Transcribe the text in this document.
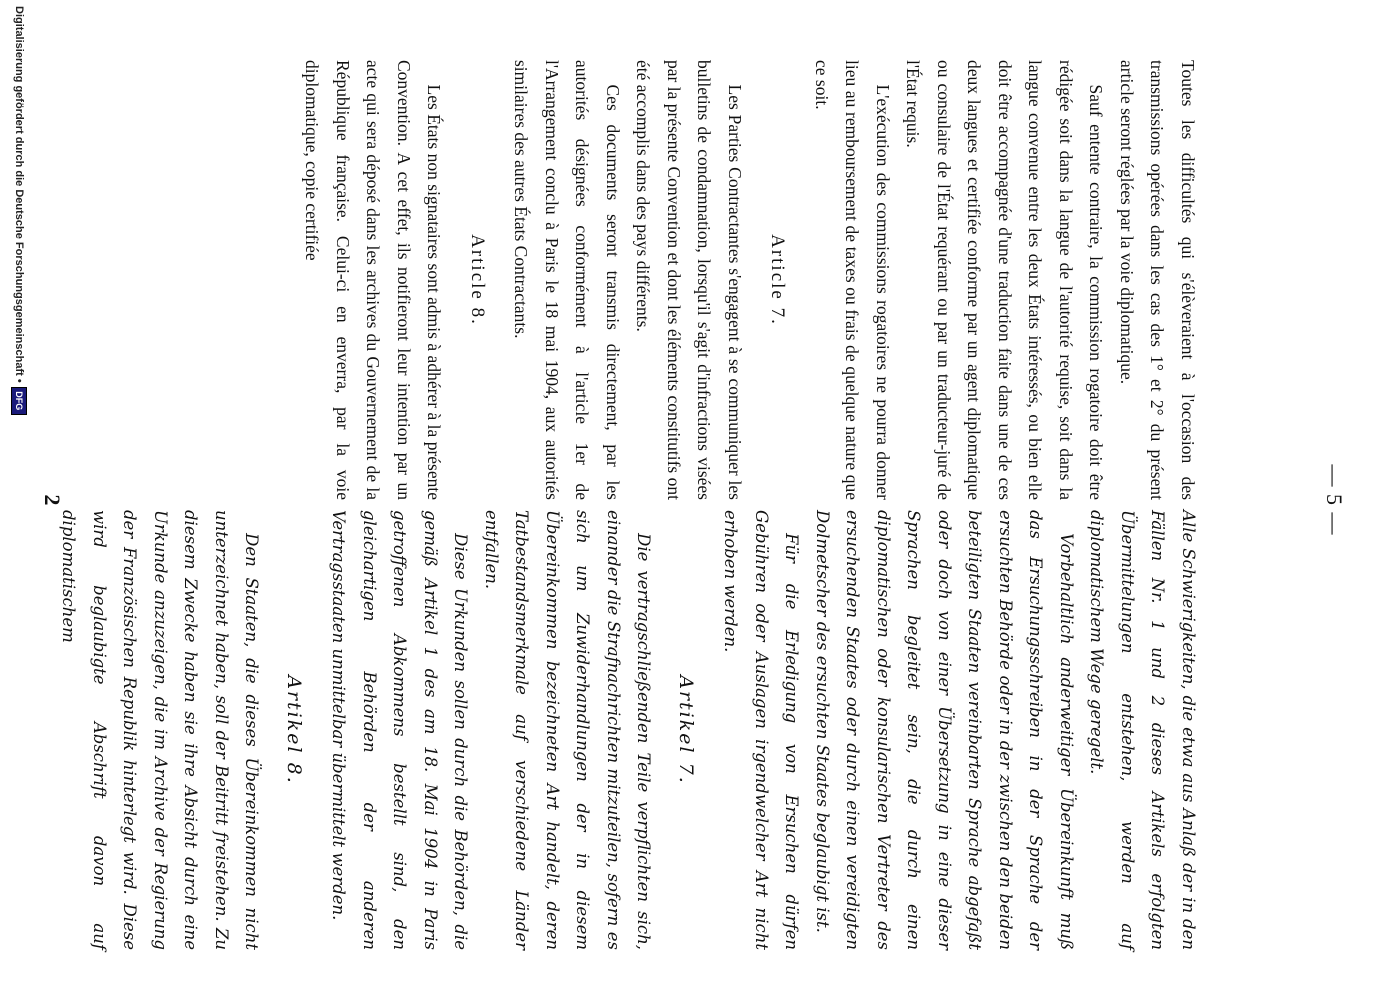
— 5 —

Toutes les difficultés qui s'élèveraient à l'occasion des transmissions opérées dans les cas des 1° et 2° du présent article seront réglées par la voie diplomatique.

Sauf entente contraire, la commission rogatoire doit être rédigée soit dans la langue de l'autorité requise, soit dans la langue convenue entre les deux États intéressés, ou bien elle doit être accompagnée d'une traduction faite dans une de ces deux langues et certifiée conforme par un agent diplomatique ou consulaire de l'État requérant ou par un traducteur-juré de l'État requis.

L'exécution des commissions rogatoires ne pourra donner lieu au remboursement de taxes ou frais de quelque nature que ce soit.

Article 7.

Les Parties Contractantes s'engagent à se communiquer les bulletins de condamnation, lorsqu'il s'agit d'infractions visées par la présente Convention et dont les éléments constitutifs ont été accomplis dans des pays différents.

Ces documents seront transmis directement, par les autorités désignées conformément à l'article 1er de l'Arrangement conclu à Paris le 18 mai 1904, aux autorités similaires des autres États Contractants.

Article 8.

Les États non signataires sont admis à adhérer à la présente Convention. A cet effet, ils notifieront leur intention par un acte qui sera déposé dans les archives du Gouvernement de la République française. Celui-ci en enverra, par la voie diplomatique, copie certifiée

Alle Schwierigkeiten, die etwa aus Anlaß der in den Fällen Nr. 1 und 2 dieses Artikels erfolgten Übermittelungen entstehen, werden auf diplomatischem Wege geregelt.

Vorbehaltlich anderweitiger Übereinkunft muß das Ersuchungsschreiben in der Sprache der ersuchten Behörde oder in der zwischen den beiden beteiligten Staaten vereinbarten Sprache abgefaßt oder doch von einer Übersetzung in eine dieser Sprachen begleitet sein, die durch einen diplomatischen oder konsularischen Vertreter des ersuchenden Staates oder durch einen vereidigten Dolmetscher des ersuchten Staates beglaubigt ist.

Für die Erledigung von Ersuchen dürfen Gebühren oder Auslagen irgendwelcher Art nicht erhoben werden.

Artikel 7.

Die vertragschließenden Teile verpflichten sich, einander die Strafnachrichten mitzuteilen, sofern es sich um Zuwiderhandlungen der in diesem Übereinkommen bezeichneten Art handelt, deren Tatbestandsmerkmale auf verschiedene Länder entfallen.

Diese Urkunden sollen durch die Behörden, die gemäß Artikel 1 des am 18. Mai 1904 in Paris getroffenen Abkommens bestellt sind, den gleichartigen Behörden der anderen Vertragsstaaten unmittelbar übermittelt werden.

Artikel 8.

Den Staaten, die dieses Übereinkommen nicht unterzeichnet haben, soll der Beitritt freistehen. Zu diesem Zwecke haben sie ihre Absicht durch eine Urkunde anzuzeigen, die im Archive der Regierung der Französischen Republik hinterlegt wird. Diese wird beglaubigte Abschrift davon auf diplomatischem

2
Digitalisierung gefördert durch die Deutsche Forschungsgemeinschaft •
DFG
